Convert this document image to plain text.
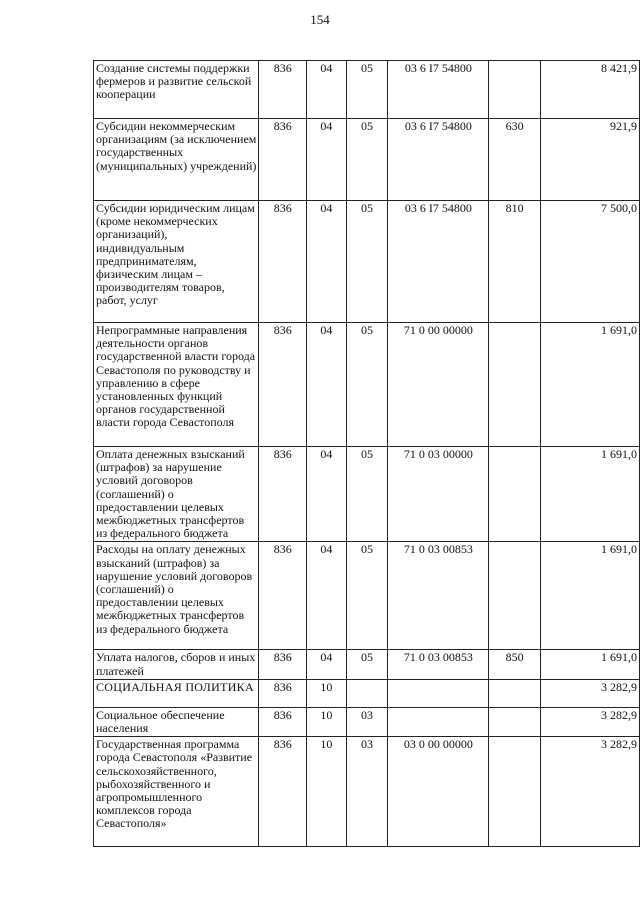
154
Создание системы поддержки фермеров и развитие сельской кооперации	836	04	05	03 6 I7 54800		8 421,9
Субсидии некоммерческим организациям (за исключением государственных (муниципальных) учреждений)	836	04	05	03 6 I7 54800	630	921,9
Субсидии юридическим лицам (кроме некоммерческих организаций), индивидуальным предпринимателям, физическим лицам – производителям товаров, работ, услуг	836	04	05	03 6 I7 54800	810	7 500,0
Непрограммные направления деятельности органов государственной власти города Севастополя по руководству и управлению в сфере установленных функций органов государственной власти города Севастополя	836	04	05	71 0 00 00000		1 691,0
Оплата денежных взысканий (штрафов) за нарушение условий договоров (соглашений) о предоставлении целевых межбюджетных трансфертов из федерального бюджета	836	04	05	71 0 03 00000		1 691,0
Расходы на оплату денежных взысканий (штрафов) за нарушение условий договоров (соглашений) о предоставлении целевых межбюджетных трансфертов из федерального бюджета	836	04	05	71 0 03 00853		1 691,0
Уплата налогов, сборов и иных платежей	836	04	05	71 0 03 00853	850	1 691,0
СОЦИАЛЬНАЯ ПОЛИТИКА	836	10				3 282,9
Социальное обеспечение населения	836	10	03			3 282,9
Государственная программа города Севастополя «Развитие сельскохозяйственного, рыбохозяйственного и агропромышленного комплексов города Севастополя»	836	10	03	03 0 00 00000		3 282,9
